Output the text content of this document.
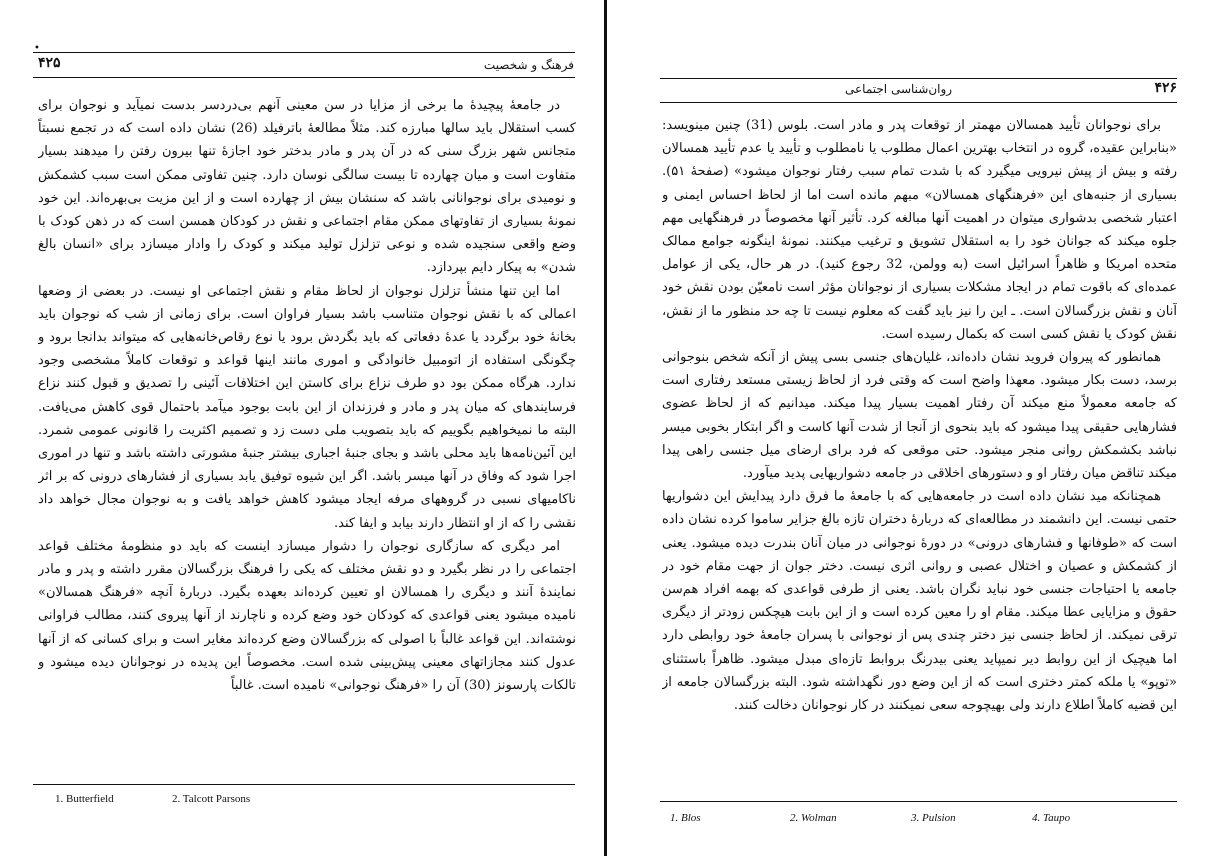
•
۴۲۵	فرهنگ و شخصیت

در جامعهٔ پیچیدهٔ ما برخی از مزایا در سن معینی آنهم بی‌دردسر بدست نمیآید و نوجوان برای کسب استقلال باید سالها مبارزه کند. مثلاً مطالعهٔ باترفیلد (26) نشان داده است که در تجمع نسبتاً متجانس شهر بزرگ سنی که در آن پدر و مادر بدختر خود اجازهٔ تنها بیرون رفتن را میدهند بسیار متفاوت است و میان چهارده تا بیست سالگی نوسان دارد. چنین تفاوتی ممکن است سبب کشمکش و نومیدی برای نوجوانانی باشد که سنشان بیش از چهارده است و از این مزیت بی‌بهره‌اند. این خود نمونهٔ بسیاری از تفاوتهای ممکن مقام اجتماعی و نقش در کودکان همسن است که در ذهن کودک با وضع واقعی سنجیده شده و نوعی تزلزل تولید میکند و کودک را وادار میسازد برای «انسان بالغ شدن» به پیکار دایم بپردازد.

اما این تنها منشأ تزلزل نوجوان از لحاظ مقام و نقش اجتماعی او نیست. در بعضی از وضعها اعمالی که با نقش نوجوان متناسب باشد بسیار فراوان است. برای زمانی از شب که نوجوان باید بخانهٔ خود برگردد یا عدهٔ دفعاتی که باید بگردش برود یا نوع رقاص‌خانه‌هایی که میتواند بدانجا برود و چگونگی استفاده از اتومبیل خانوادگی و اموری مانند اینها قواعد و توقعات کاملاً مشخصی وجود ندارد. هرگاه ممکن بود دو طرف نزاع برای کاستن این اختلافات آئینی را تصدیق و قبول کنند نزاع فرسایندهای که میان پدر و مادر و فرزندان از این بابت بوجود میآمد باحتمال قوی کاهش می‌یافت. البته ما نمیخواهیم بگوییم که باید بتصویب ملی دست زد و تصمیم اکثریت را قانونی عمومی شمرد. این آئین‌نامه‌ها باید محلی باشد و بجای جنبهٔ اجباری بیشتر جنبهٔ مشورتی داشته باشد و تنها در اموری اجرا شود که وفاق در آنها میسر باشد. اگر این شیوه توفیق یابد بسیاری از فشارهای درونی که بر اثر ناکامیهای نسبی در گروههای مرفه ایجاد میشود کاهش خواهد یافت و به نوجوان مجال خواهد داد نقشی را که از او انتظار دارند بیابد و ایفا کند.

امر دیگری که سازگاری نوجوان را دشوار میسازد اینست که باید دو منظومهٔ مختلف قواعد اجتماعی را در نظر بگیرد و دو نقش مختلف که یکی را فرهنگ بزرگسالان مقرر داشته و پدر و مادر نمایندهٔ آنند و دیگری را همسالان او تعیین کرده‌اند بعهده بگیرد. دربارهٔ آنچه «فرهنگ همسالان» نامیده میشود یعنی قواعدی که کودکان خود وضع کرده و ناچارند از آنها پیروی کنند، مطالب فراوانی نوشته‌اند. این قواعد غالباً با اصولی که بزرگسالان وضع کرده‌اند مغایر است و برای کسانی که از آنها عدول کنند مجازاتهای معینی پیش‌بینی شده است. مخصوصاً این پدیده در نوجوانان دیده میشود و تالکات پارسونز (30) آن را «فرهنگ نوجوانی» نامیده است. غالباً

1. Butterfield	2. Talcott Parsons
روان‌شناسی اجتماعی	۴۲۶

برای نوجوانان تأیید همسالان مهمتر از توقعات پدر و مادر است. بلوس (31) چنین مینویسد: «بنابراین عقیده، گروه در انتخاب بهترین اعمال مطلوب یا نامطلوب و تأیید یا عدم تأیید همسالان رفته و بیش از پیش نیرویی میگیرد که با شدت تمام سبب رفتار نوجوان میشود» (صفحهٔ ۵۱). بسیاری از جنبه‌های این «فرهنگهای همسالان» مبهم مانده است اما از لحاظ احساس ایمنی و اعتبار شخصی بدشواری میتوان در اهمیت آنها مبالغه کرد. تأثیر آنها مخصوصاً در فرهنگهایی مهم جلوه میکند که جوانان خود را به استقلال تشویق و ترغیب میکنند. نمونهٔ اینگونه جوامع ممالک متحده امریکا و ظاهراً اسرائیل است (به وولمن، 32 رجوع کنید). در هر حال، یکی از عوامل عمده‌ای که باقوت تمام در ایجاد مشکلات بسیاری از نوجوانان مؤثر است نامعیّن بودن نقش خود آنان و نقش بزرگسالان است. ـ این را نیز باید گفت که معلوم نیست تا چه حد منظور ما از نقش، نقش کودک یا نقش کسی است که بکمال رسیده است.

همانطور که پیروان فروید نشان داده‌اند، غلیان‌های جنسی بسی پیش از آنکه شخص بنوجوانی برسد، دست بکار میشود. معهذا واضح است که وقتی فرد از لحاظ زیستی مستعد رفتاری است که جامعه معمولاً منع میکند آن رفتار اهمیت بسیار پیدا میکند. میدانیم که از لحاظ عضوی فشارهایی حقیقی پیدا میشود که باید بنحوی از آنجا از شدت آنها کاست و اگر ابتکار بخوبی میسر نباشد بکشمکش روانی منجر میشود. حتی موقعی که فرد برای ارضای میل جنسی راهی پیدا میکند تناقض میان رفتار او و دستورهای اخلاقی در جامعه دشواریهایی پدید میآورد.

همچنانکه مید نشان داده است در جامعه‌هایی که با جامعهٔ ما فرق دارد پیدایش این دشواریها حتمی نیست. این دانشمند در مطالعه‌ای که دربارهٔ دختران تازه بالغ جزایر ساموا کرده نشان داده است که «طوفانها و فشارهای درونی» در دورهٔ نوجوانی در میان آنان بندرت دیده میشود. یعنی از کشمکش و عصیان و اختلال عصبی و روانی اثری نیست. دختر جوان از جهت مقام خود در جامعه یا احتیاجات جنسی خود نباید نگران باشد. یعنی از طرفی قواعدی که بهمه افراد هم‌سن حقوق و مزایایی عطا میکند. مقام او را معین کرده است و از این بابت هیچکس زودتر از دیگری ترقی نمیکند. از لحاظ جنسی نیز دختر چندی پس از نوجوانی با پسران جامعهٔ خود روابطی دارد اما هیچیک از این روابط دیر نمیپاید یعنی بیدرنگ بروابط تازه‌ای مبدل میشود. ظاهراً باستثنای «توپو» یا ملکه کمتر دختری است که از این وضع دور نگهداشته شود. البته بزرگسالان جامعه از این قضیه کاملاً اطلاع دارند ولی بهیچوجه سعی نمیکنند در کار نوجوانان دخالت کنند.

1. Blos	2. Wolman	3. Pulsion	4. Taupo
